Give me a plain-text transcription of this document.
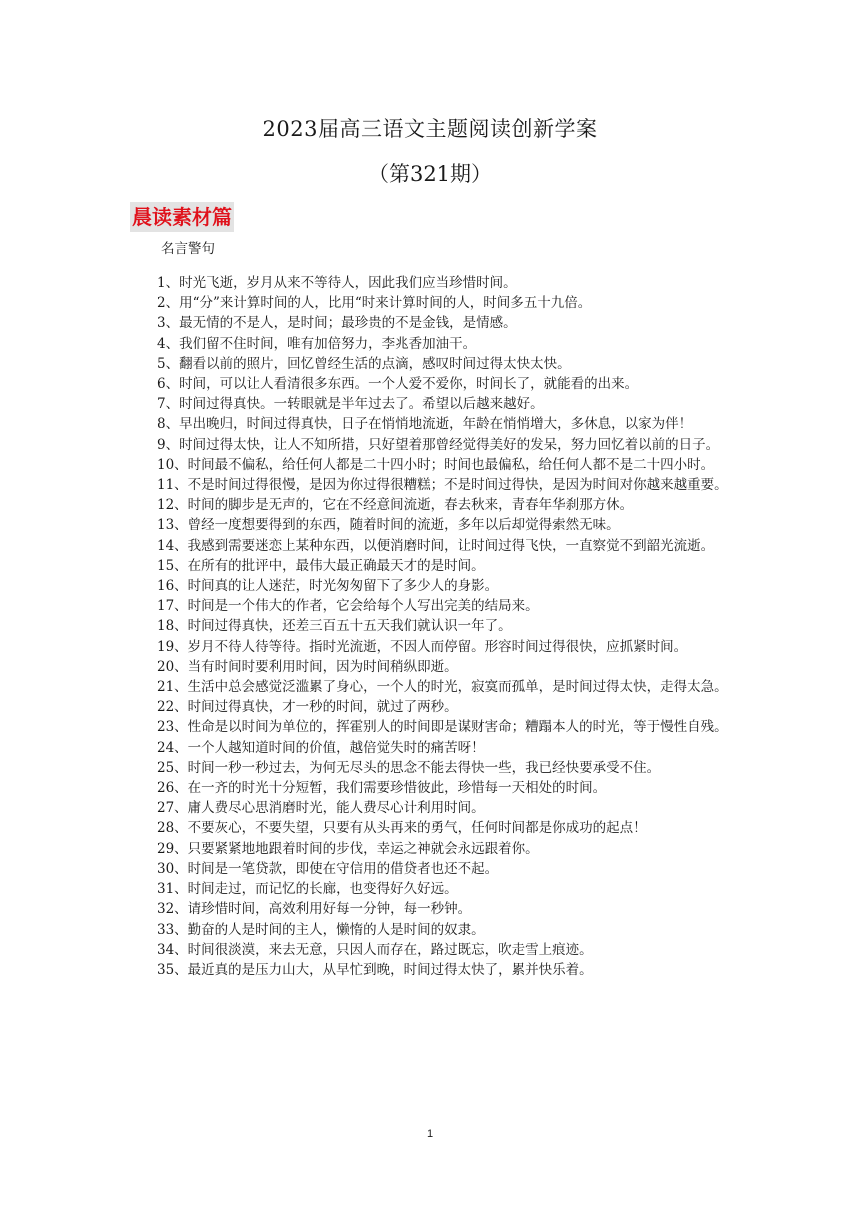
2023届高三语文主题阅读创新学案
（第321期）
晨读素材篇
名言警句

1、时光飞逝，岁月从来不等待人，因此我们应当珍惜时间。

2、用“分”来计算时间的人，比用“时来计算时间的人，时间多五十九倍。

3、最无情的不是人，是时间；最珍贵的不是金钱，是情感。

4、我们留不住时间，唯有加倍努力，李兆香加油干。

5、翻看以前的照片，回忆曾经生活的点滴，感叹时间过得太快太快。

6、时间，可以让人看清很多东西。一个人爱不爱你，时间长了，就能看的出来。

7、时间过得真快。一转眼就是半年过去了。希望以后越来越好。

8、早出晚归，时间过得真快，日子在悄悄地流逝，年龄在悄悄增大，多休息，以家为伴！

9、时间过得太快，让人不知所措，只好望着那曾经觉得美好的发呆，努力回忆着以前的日子。

10、时间最不偏私，给任何人都是二十四小时；时间也最偏私，给任何人都不是二十四小时。

11、不是时间过得很慢，是因为你过得很糟糕；不是时间过得快，是因为时间对你越来越重要。

12、时间的脚步是无声的，它在不经意间流逝，春去秋来，青春年华刹那方休。

13、曾经一度想要得到的东西，随着时间的流逝，多年以后却觉得索然无味。

14、我感到需要迷恋上某种东西，以便消磨时间，让时间过得飞快，一直察觉不到韶光流逝。

15、在所有的批评中，最伟大最正确最天才的是时间。

16、时间真的让人迷茫，时光匆匆留下了多少人的身影。

17、时间是一个伟大的作者，它会给每个人写出完美的结局来。

18、时间过得真快，还差三百五十五天我们就认识一年了。

19、岁月不待人待等待。指时光流逝，不因人而停留。形容时间过得很快，应抓紧时间。

20、当有时间时要利用时间，因为时间稍纵即逝。

21、生活中总会感觉泛滥累了身心，一个人的时光，寂寞而孤单，是时间过得太快，走得太急。

22、时间过得真快，才一秒的时间，就过了两秒。

23、性命是以时间为单位的，挥霍别人的时间即是谋财害命；糟蹋本人的时光，等于慢性自残。

24、一个人越知道时间的价值，越倍觉失时的痛苦呀！

25、时间一秒一秒过去，为何无尽头的思念不能去得快一些，我已经快要承受不住。

26、在一齐的时光十分短暂，我们需要珍惜彼此，珍惜每一天相处的时间。

27、庸人费尽心思消磨时光，能人费尽心计利用时间。

28、不要灰心，不要失望，只要有从头再来的勇气，任何时间都是你成功的起点！

29、只要紧紧地地跟着时间的步伐，幸运之神就会永远跟着你。

30、时间是一笔贷款，即使在守信用的借贷者也还不起。

31、时间走过，而记忆的长廊，也变得好久好远。

32、请珍惜时间，高效利用好每一分钟，每一秒钟。

33、勤奋的人是时间的主人，懒惰的人是时间的奴隶。

34、时间很淡漠，来去无意，只因人而存在，路过既忘，吹走雪上痕迹。

35、最近真的是压力山大，从早忙到晚，时间过得太快了，累并快乐着。

1
